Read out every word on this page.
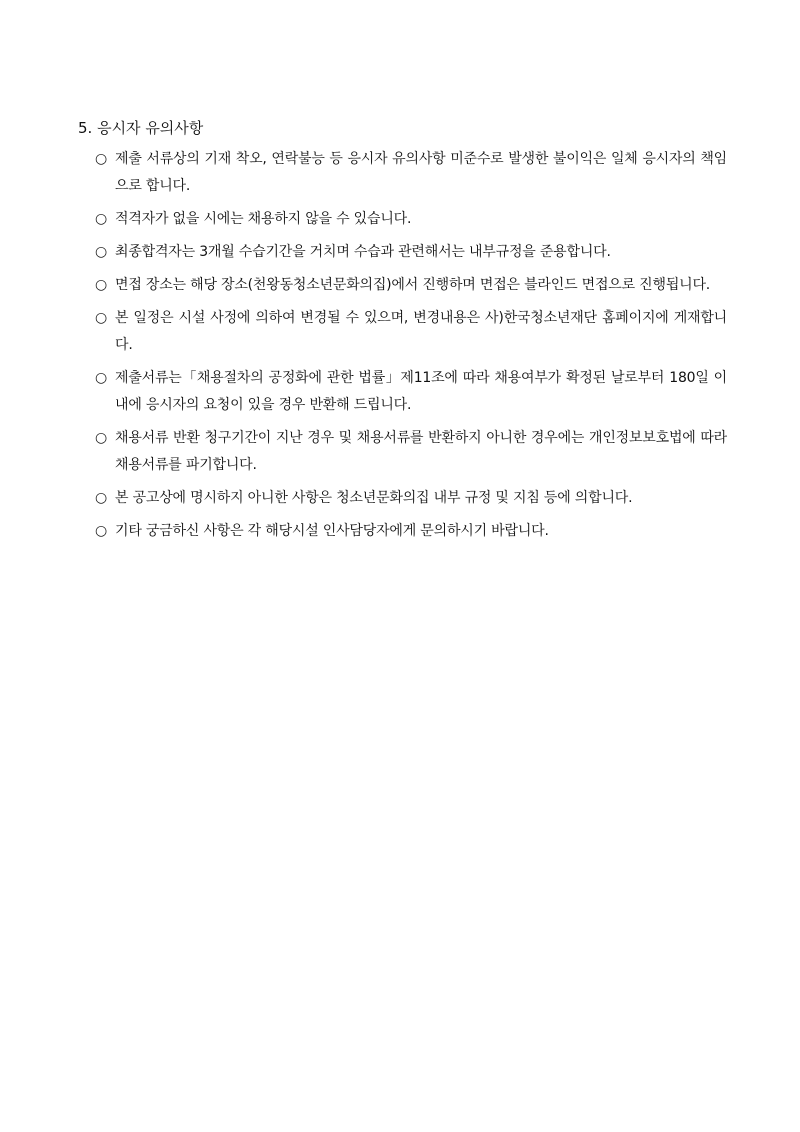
5. 응시자 유의사항
○ 제출 서류상의 기재 착오, 연락불능 등 응시자 유의사항 미준수로 발생한 불이익은 일체 응시자의 책임으로 합니다.
○ 적격자가 없을 시에는 채용하지 않을 수 있습니다.
○ 최종합격자는 3개월 수습기간을 거치며 수습과 관련해서는 내부규정을 준용합니다.
○ 면접 장소는 해당 장소(천왕동청소년문화의집)에서 진행하며 면접은 블라인드 면접으로 진행됩니다.
○ 본 일정은 시설 사정에 의하여 변경될 수 있으며, 변경내용은 사)한국청소년재단 홈페이지에 게재합니다.
○ 제출서류는「채용절차의 공정화에 관한 법률」제11조에 따라 채용여부가 확정된 날로부터 180일 이내에 응시자의 요청이 있을 경우 반환해 드립니다.
○ 채용서류 반환 청구기간이 지난 경우 및 채용서류를 반환하지 아니한 경우에는 개인정보보호법에 따라 채용서류를 파기합니다.
○ 본 공고상에 명시하지 아니한 사항은 청소년문화의집 내부 규정 및 지침 등에 의합니다.
○ 기타 궁금하신 사항은 각 해당시설 인사담당자에게 문의하시기 바랍니다.
